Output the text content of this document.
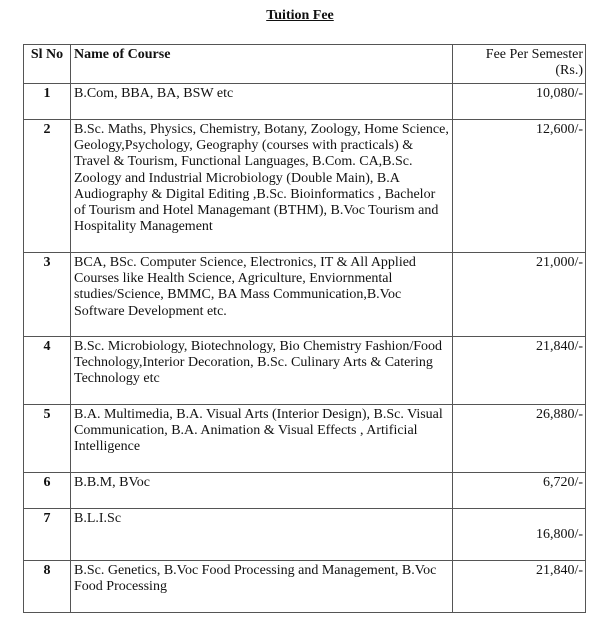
Tuition Fee
Sl No	Name of Course	Fee Per Semester (Rs.)
1	B.Com, BBA, BA, BSW etc	10,080/-
2	B.Sc. Maths, Physics, Chemistry, Botany, Zoology, Home Science, Geology,Psychology, Geography (courses with practicals) & Travel & Tourism, Functional Languages, B.Com. CA,B.Sc. Zoology and Industrial Microbiology (Double Main), B.A Audiography & Digital Editing ,B.Sc. Bioinformatics , Bachelor of Tourism and Hotel Managemant (BTHM), B.Voc Tourism and Hospitality Management	12,600/-
3	BCA, BSc. Computer Science, Electronics, IT & All Applied Courses like Health Science, Agriculture, Enviornmental studies/Science, BMMC, BA Mass Communication,B.Voc Software Development etc.	21,000/-
4	B.Sc. Microbiology, Biotechnology, Bio Chemistry Fashion/Food Technology,Interior Decoration, B.Sc. Culinary Arts & Catering Technology etc	21,840/-
5	B.A. Multimedia, B.A. Visual Arts (Interior Design), B.Sc. Visual Communication, B.A. Animation & Visual Effects , Artificial Intelligence	26,880/-
6	B.B.M, BVoc	6,720/-
7	B.L.I.Sc	16,800/-

8	B.Sc. Genetics, B.Voc Food Processing and Management, B.Voc Food Processing	21,840/-
